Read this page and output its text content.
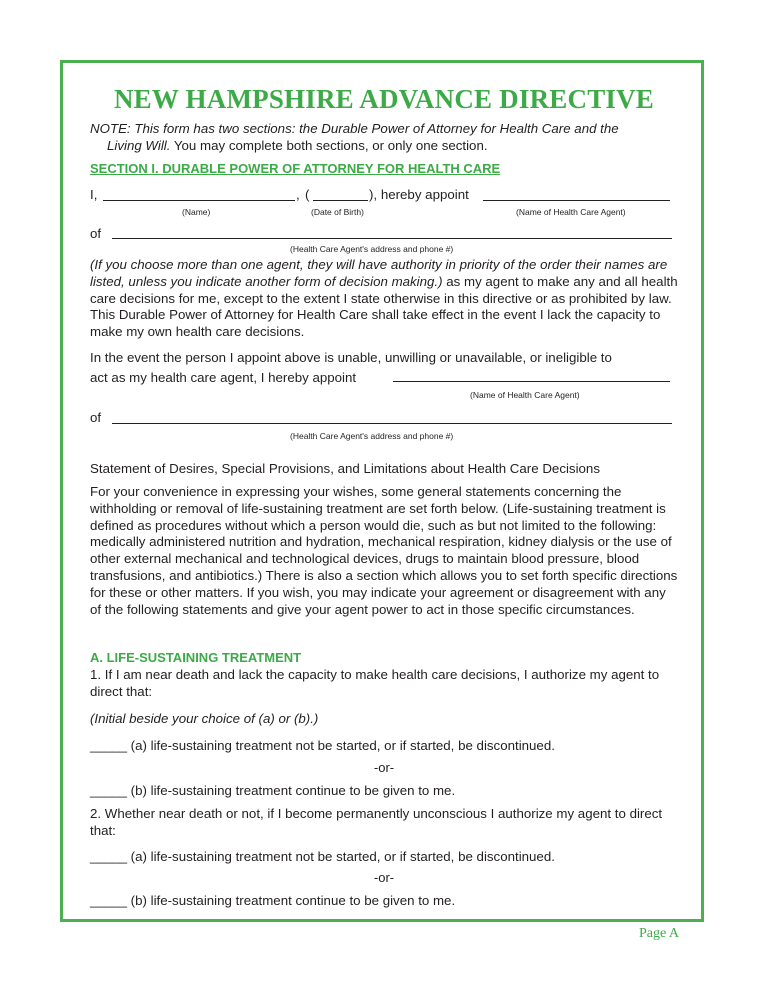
NEW HAMPSHIRE ADVANCE DIRECTIVE
NOTE: This form has two sections: the Durable Power of Attorney for Health Care and the
Living Will. You may complete both sections, or only one section.
SECTION I. DURABLE POWER OF ATTORNEY FOR HEALTH CARE
I,	, (	), hereby appoint
(Name)	(Date of Birth)	(Name of Health Care Agent)
of
(Health Care Agent's address and phone #)
(If you choose more than one agent, they will have authority in priority of the order their names are listed, unless you indicate another form of decision making.) as my agent to make any and all health care decisions for me, except to the extent I state otherwise in this directive or as prohibited by law. This Durable Power of Attorney for Health Care shall take effect in the event I lack the capacity to make my own health care decisions.
In the event the person I appoint above is unable, unwilling or unavailable, or ineligible to
act as my health care agent, I hereby appoint
(Name of Health Care Agent)
of
(Health Care Agent's address and phone #)
Statement of Desires, Special Provisions, and Limitations about Health Care Decisions
For your convenience in expressing your wishes, some general statements concerning the withholding or removal of life-sustaining treatment are set forth below. (Life-sustaining treatment is defined as procedures without which a person would die, such as but not limited to the following: medically administered nutrition and hydration, mechanical respiration, kidney dialysis or the use of other external mechanical and technological devices, drugs to maintain blood pressure, blood transfusions, and antibiotics.) There is also a section which allows you to set forth specific directions for these or other matters. If you wish, you may indicate your agreement or disagreement with any of the following statements and give your agent power to act in those specific circumstances.
A. LIFE-SUSTAINING TREATMENT
1. If I am near death and lack the capacity to make health care decisions, I authorize my agent to direct that:
(Initial beside your choice of (a) or (b).)
_____ (a) life-sustaining treatment not be started, or if started, be discontinued.
-or-
_____ (b) life-sustaining treatment continue to be given to me.
2. Whether near death or not, if I become permanently unconscious I authorize my agent to direct that:
_____ (a) life-sustaining treatment not be started, or if started, be discontinued.
-or-
_____ (b) life-sustaining treatment continue to be given to me.
Page A
